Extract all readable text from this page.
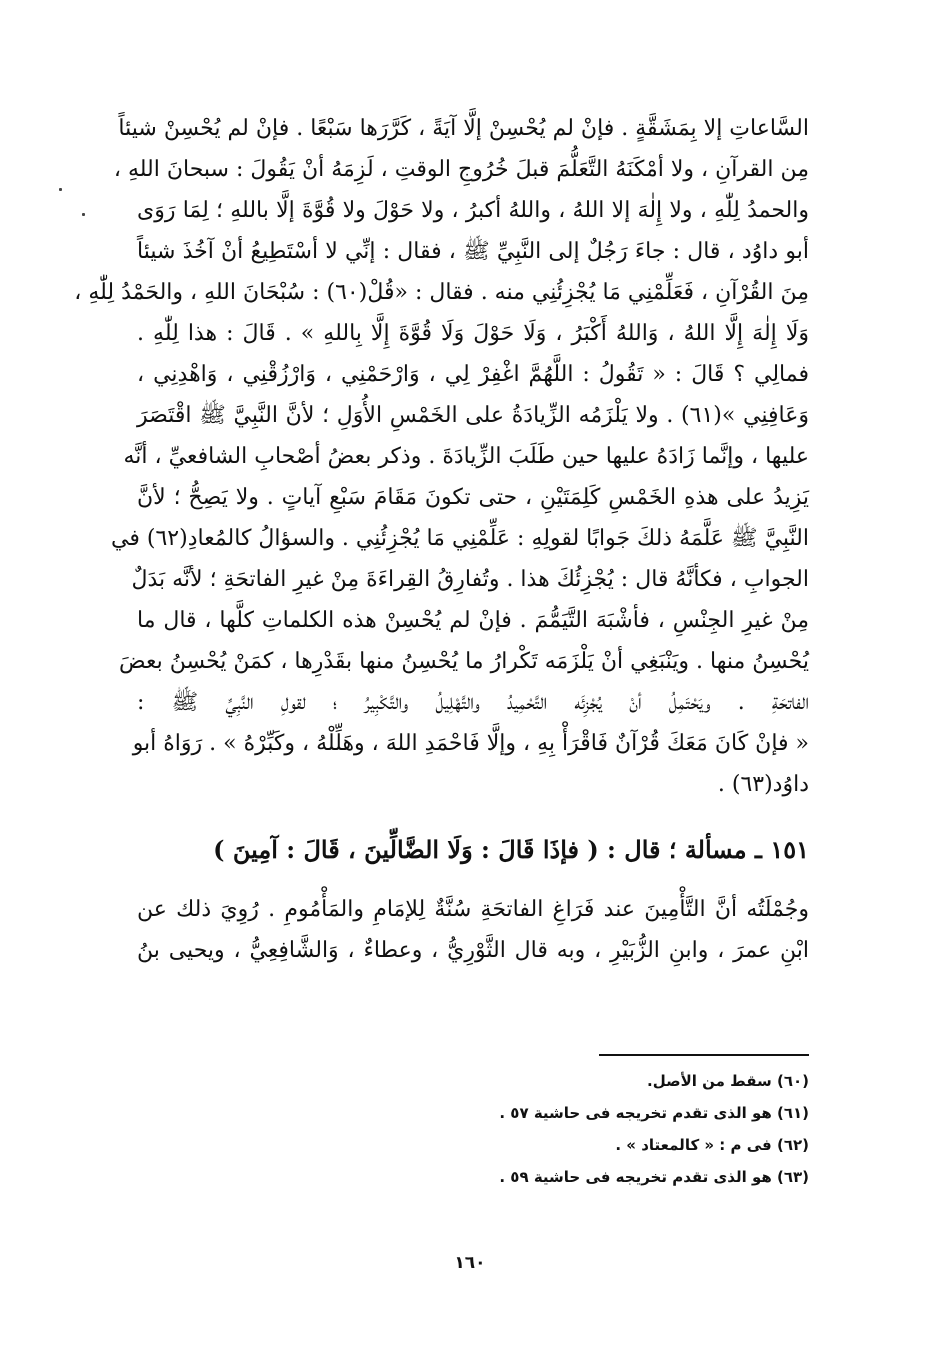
السَّاعاتِ إلا بِمَشَقَّةٍ . فإنْ لم يُحْسِنْ إلَّا آيَةً ، كَرَّرَها سَبْعًا . فإنْ لم يُحْسِنْ شيئاً
مِن القرآنِ ، ولا أمْكَنَهُ التَّعَلُّمَ قبلَ خُرُوجِ الوقتِ ، لَزِمَهُ أنْ يَقُولَ : سبحانَ اللهِ ،
والحمدُ لِلّٰهِ ، ولا إِلٰهَ إلا اللهُ ، واللهُ أكبرُ ، ولا حَوْلَ ولا قُوَّةَ إلَّا باللهِ ؛ لِمَا رَوَى
أبو داوُد ، قال : جاءَ رَجُلٌ إلى النَّبِيِّ ﷺ ، فقال : إنِّي لا أسْتَطِيعُ أنْ آخُذَ شيئاً
مِنَ القُرْآنِ ، فَعَلِّمْنِي مَا يُجْزِئُنِي منه . فقال : «قُلْ(٦٠) : سُبْحَانَ اللهِ ، والحَمْدُ لِلّٰهِ ،
وَلَا إِلٰهَ إِلَّا اللهُ ، وَاللهُ أَكْبَرُ ، وَلَا حَوْلَ وَلَا قُوَّةَ إِلَّا بِاللهِ » . قَالَ : هذا لِلّٰهِ .
فمالِي ؟ قَالَ : « تَقُولُ : اللَّهُمَّ اغْفِرْ لِي ، وَارْحَمْنِي ، وَارْزُقْنِي ، وَاهْدِنِي ،
وَعَافِنِي »(٦١) . ولا يَلْزَمُه الزِّيادَةُ على الخَمْسِ الأُوَلِ ؛ لأنَّ النَّبِيَّ ﷺ اقْتَصَرَ
عليها ، وإنَّما زَادَهُ عليها حين طَلَبَ الزِّيادَةَ . وذكر بعضُ أصْحابِ الشافعيِّ ، أنَّه
يَزِيدُ على هذهِ الخَمْسِ كَلِمَتَيْنِ ، حتى تكونَ مَقَامَ سَبْعِ آياتٍ . ولا يَصِحُّ ؛ لأنَّ
النَّبِيَّ ﷺ عَلَّمَهُ ذلكَ جَوابًا لقولِهِ : عَلِّمْنِي مَا يُجْزِئُنِي . والسؤالُ كالمُعادِ(٦٢) في
الجوابِ ، فكأنَّهُ قال : يُجْزِئُكَ هذا . وتُفارِقُ القِراءَةَ مِنْ غيرِ الفاتحَةِ ؛ لأنَّه بَدَلٌ
مِنْ غيرِ الجِنْسِ ، فأشْبَهَ التَّيَمُّمَ . فإنْ لم يُحْسِنْ هذه الكلماتِ كلَّها ، قال ما
يُحْسِنُ منها . ويَنْبَغِي أنْ يَلْزَمَه تَكْرارُ ما يُحْسِنُ منها بقَدْرِها ، كمَنْ يُحْسِنُ بعضَ
الفاتحَةِ . ويَحْتَمِلُ أنْ يُجْزِئَه التَّحْمِيدُ والتَّهْلِيلُ والتَّكْبِيرُ ؛ لقولِ النَّبِيِّ ﷺ :
« فإنْ كَانَ مَعَكَ قُرْآنٌ فَاقْرَأْ بِهِ ، وإلَّا فَاحْمَدِ اللهَ ، وهَلِّلْهُ ، وكَبِّرْهُ » . رَوَاهُ أبو
داوُد(٦٣) .
١٥١ ـ مسألة ؛ قال : ( فإذَا قَالَ : وَلَا الضَّالِّينَ ، قَالَ : آمِينَ )
وجُمْلَتُه أنَّ التَّأْمِينَ عند فَرَاغِ الفاتحَةِ سُنَّةٌ لِلإمَامِ والمَأْمُومِ . رُوِيَ ذلك عن
ابْنِ عمرَ ، وابنِ الزُّبَيْرِ ، وبه قال الثَّوْرِيُّ ، وعطاءٌ ، وَالشَّافِعِيُّ ، ويحيى بنُ
(٦٠) سقط من الأصل.
(٦١) هو الذى تقدم تخريجه فى حاشية ٥٧ .
(٦٢) فى م : « كالمعتاد » .
(٦٣) هو الذى تقدم تخريجه فى حاشية ٥٩ .
١٦٠
